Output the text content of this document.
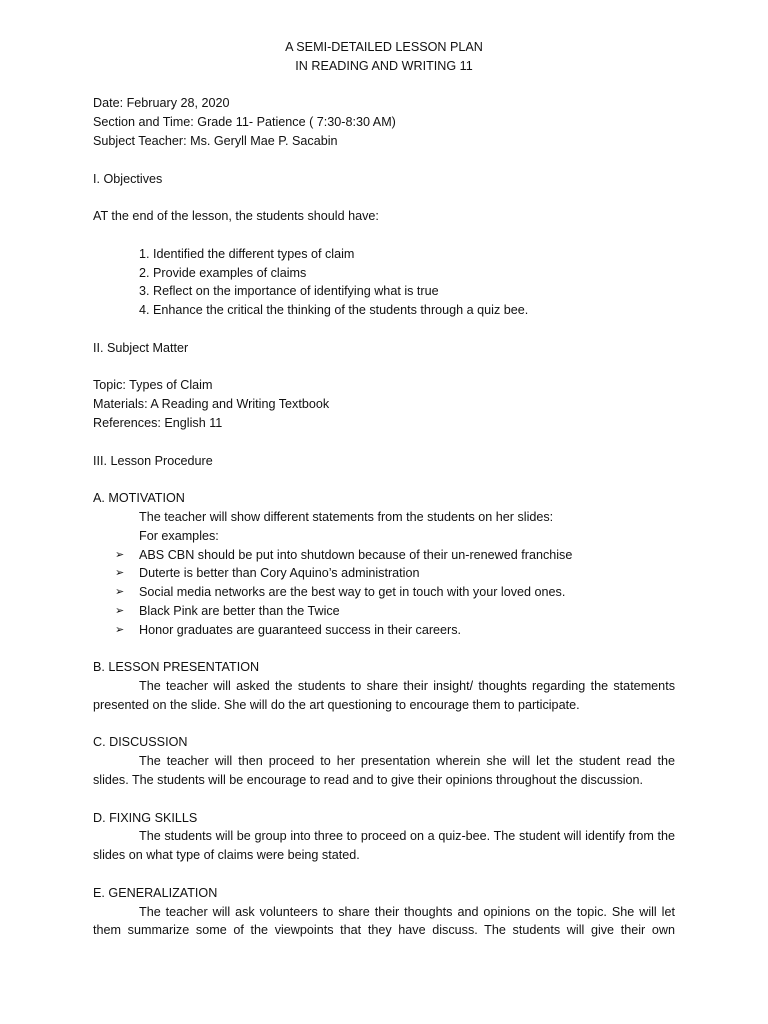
A SEMI-DETAILED LESSON PLAN

IN READING AND WRITING 11

Date: February 28, 2020

Section and Time: Grade 11- Patience ( 7:30-8:30 AM)

Subject Teacher: Ms. Geryll Mae P. Sacabin

I. Objectives

AT the end of the lesson, the students should have:

1. Identified the different types of claim

2. Provide examples of claims

3. Reflect on the importance of identifying what is true

4. Enhance the critical the thinking of the students through a quiz bee.

II. Subject Matter

Topic: Types of Claim

Materials: A Reading and Writing Textbook

References: English 11

III. Lesson Procedure

A. MOTIVATION

The teacher will show different statements from the students on her slides:

For examples:

➢ ABS CBN should be put into shutdown because of their un-renewed franchise

➢ Duterte is better than Cory Aquino’s administration

➢ Social media networks are the best way to get in touch with your loved ones.

➢ Black Pink are better than the Twice

➢ Honor graduates are guaranteed success in their careers.

B. LESSON PRESENTATION

The teacher will asked the students to share their insight/ thoughts regarding the statements presented on the slide. She will do the art questioning to encourage them to participate.

C. DISCUSSION

The teacher will then proceed to her presentation wherein she will let the student read the slides. The students will be encourage to read and to give their opinions throughout the discussion.

D. FIXING SKILLS

The students will be group into three to proceed on a quiz-bee. The student will identify from the slides on what type of claims were being stated.

E. GENERALIZATION

The teacher will ask volunteers to share their thoughts and opinions on the topic. She will let them summarize some of the viewpoints that they have discuss. The students will give their own
